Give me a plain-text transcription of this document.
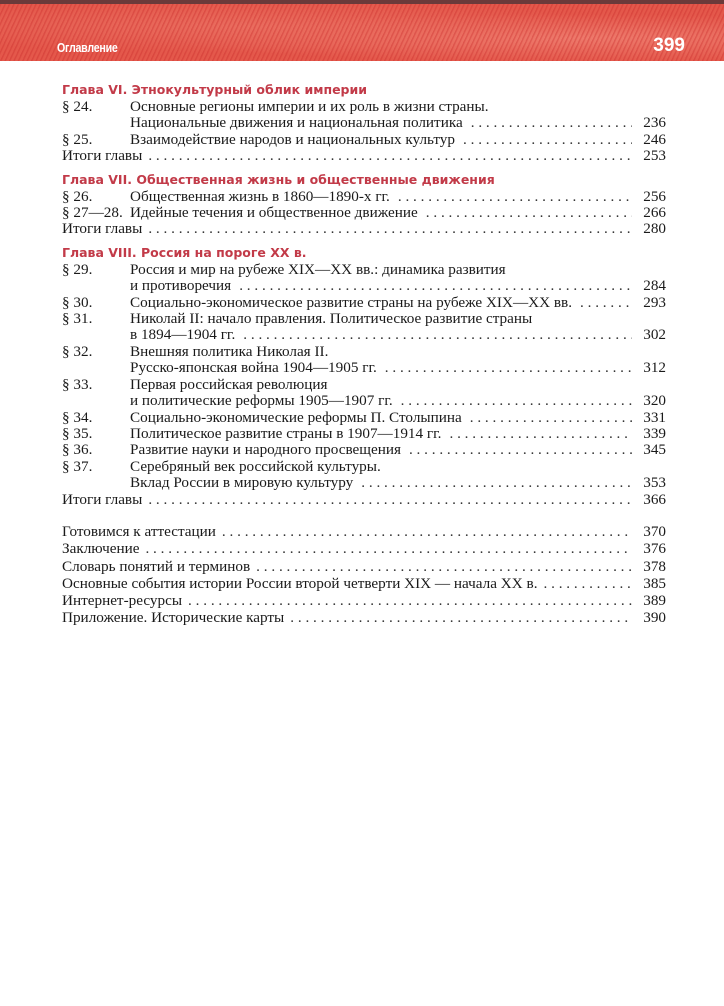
Оглавление	399
Глава VI. Этнокультурный облик империи
§ 24.	Основные регионы империи и их роль в жизни страны.
Национальные движения и национальная политика . . .	236
§ 25.	Взаимодействие народов и национальных культур . . .	246
Итоги главы . . .	253
Глава VII. Общественная жизнь и общественные движения
§ 26.	Общественная жизнь в 1860—1890-х гг. . . .	256
§ 27—28. Идейные течения и общественное движение . . .	266
Итоги главы . . .	280
Глава VIII. Россия на пороге XX в.
§ 29.	Россия и мир на рубеже XIX—XX вв.: динамика развития
и противоречия . . .	284
§ 30.	Социально-экономическое развитие страны на рубеже XIX—XX вв. . . .	293
§ 31.	Николай II: начало правления. Политическое развитие страны
в 1894—1904 гг. . . .	302
§ 32.	Внешняя политика Николая II.
Русско-японская война 1904—1905 гг. . . .	312
§ 33.	Первая российская революция
и политические реформы 1905—1907 гг. . . .	320
§ 34.	Социально-экономические реформы П. Столыпина . . .	331
§ 35.	Политическое развитие страны в 1907—1914 гг. . . .	339
§ 36.	Развитие науки и народного просвещения . . .	345
§ 37.	Серебряный век российской культуры.
Вклад России в мировую культуру . . .	353
Итоги главы . . .	366
Готовимся к аттестации . . .	370
Заключение . . .	376
Словарь понятий и терминов . . .	378
Основные события истории России второй четверти XIX — начала XX в. . . .	385
Интернет-ресурсы . . .	389
Приложение. Исторические карты . . .	390
